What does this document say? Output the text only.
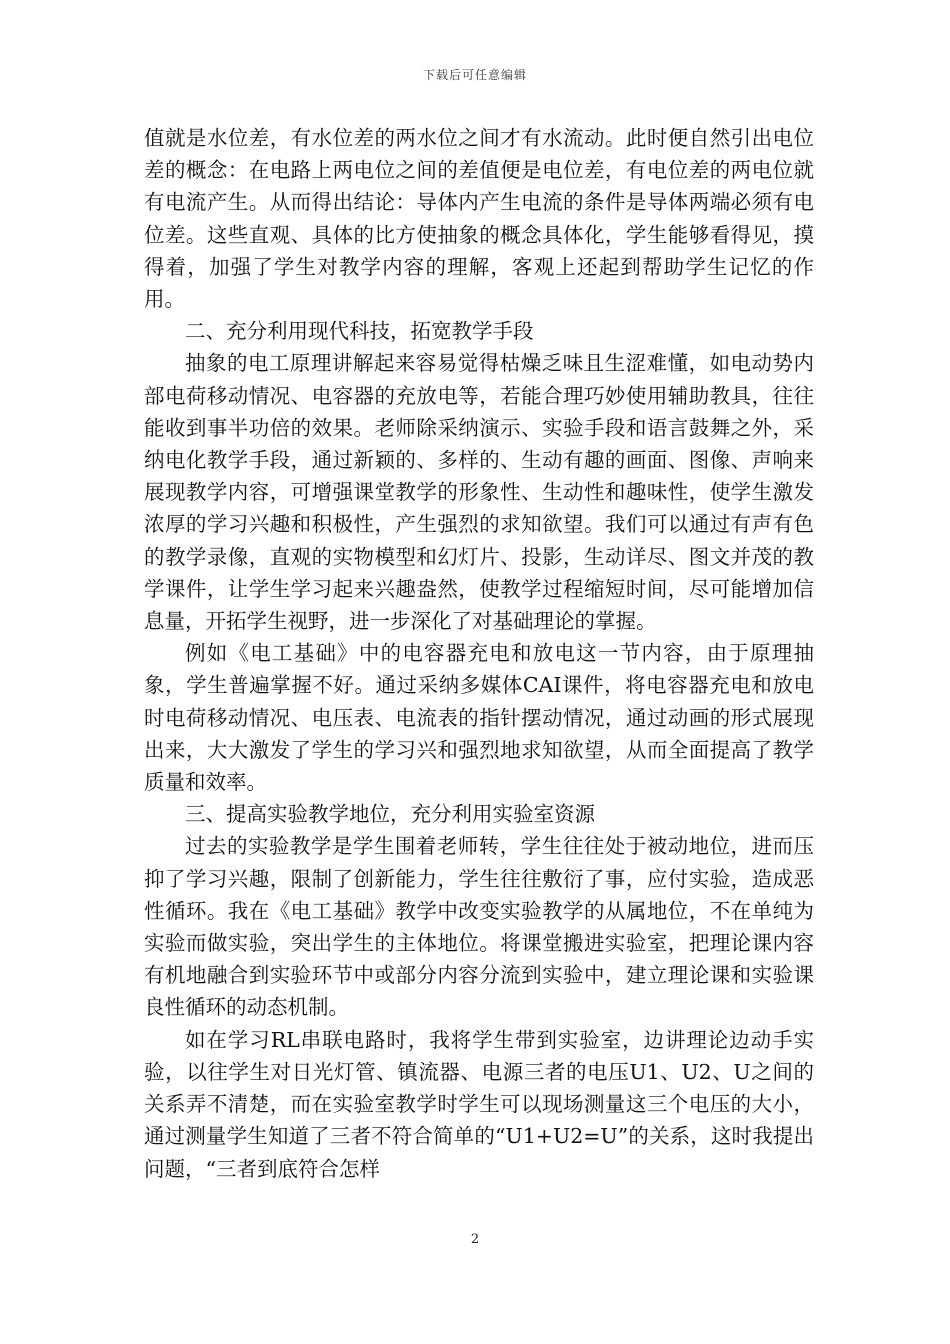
下载后可任意编辑

值就是水位差，有水位差的两水位之间才有水流动。此时便自然引出电位差的概念：在电路上两电位之间的差值便是电位差，有电位差的两电位就有电流产生。从而得出结论：导体内产生电流的条件是导体两端必须有电位差。这些直观、具体的比方使抽象的概念具体化，学生能够看得见，摸得着，加强了学生对教学内容的理解，客观上还起到帮助学生记忆的作用。

二、充分利用现代科技，拓宽教学手段

抽象的电工原理讲解起来容易觉得枯燥乏味且生涩难懂，如电动势内部电荷移动情况、电容器的充放电等，若能合理巧妙使用辅助教具，往往能收到事半功倍的效果。老师除采纳演示、实验手段和语言鼓舞之外，采纳电化教学手段，通过新颖的、多样的、生动有趣的画面、图像、声响来展现教学内容，可增强课堂教学的形象性、生动性和趣味性，使学生激发浓厚的学习兴趣和积极性，产生强烈的求知欲望。我们可以通过有声有色的教学录像，直观的实物模型和幻灯片、投影，生动详尽、图文并茂的教学课件，让学生学习起来兴趣盎然，使教学过程缩短时间，尽可能增加信息量，开拓学生视野，进一步深化了对基础理论的掌握。

例如《电工基础》中的电容器充电和放电这一节内容，由于原理抽象，学生普遍掌握不好。通过采纳多媒体CAI课件，将电容器充电和放电时电荷移动情况、电压表、电流表的指针摆动情况，通过动画的形式展现出来，大大激发了学生的学习兴和强烈地求知欲望，从而全面提高了教学质量和效率。

三、提高实验教学地位，充分利用实验室资源

过去的实验教学是学生围着老师转，学生往往处于被动地位，进而压抑了学习兴趣，限制了创新能力，学生往往敷衍了事，应付实验，造成恶性循环。我在《电工基础》教学中改变实验教学的从属地位，不在单纯为实验而做实验，突出学生的主体地位。将课堂搬进实验室，把理论课内容有机地融合到实验环节中或部分内容分流到实验中，建立理论课和实验课良性循环的动态机制。

如在学习RL串联电路时，我将学生带到实验室，边讲理论边动手实验，以往学生对日光灯管、镇流器、电源三者的电压U1、U2、U之间的关系弄不清楚，而在实验室教学时学生可以现场测量这三个电压的大小，通过测量学生知道了三者不符合简单的“U1+U2=U”的关系，这时我提出问题，“三者到底符合怎样

2
